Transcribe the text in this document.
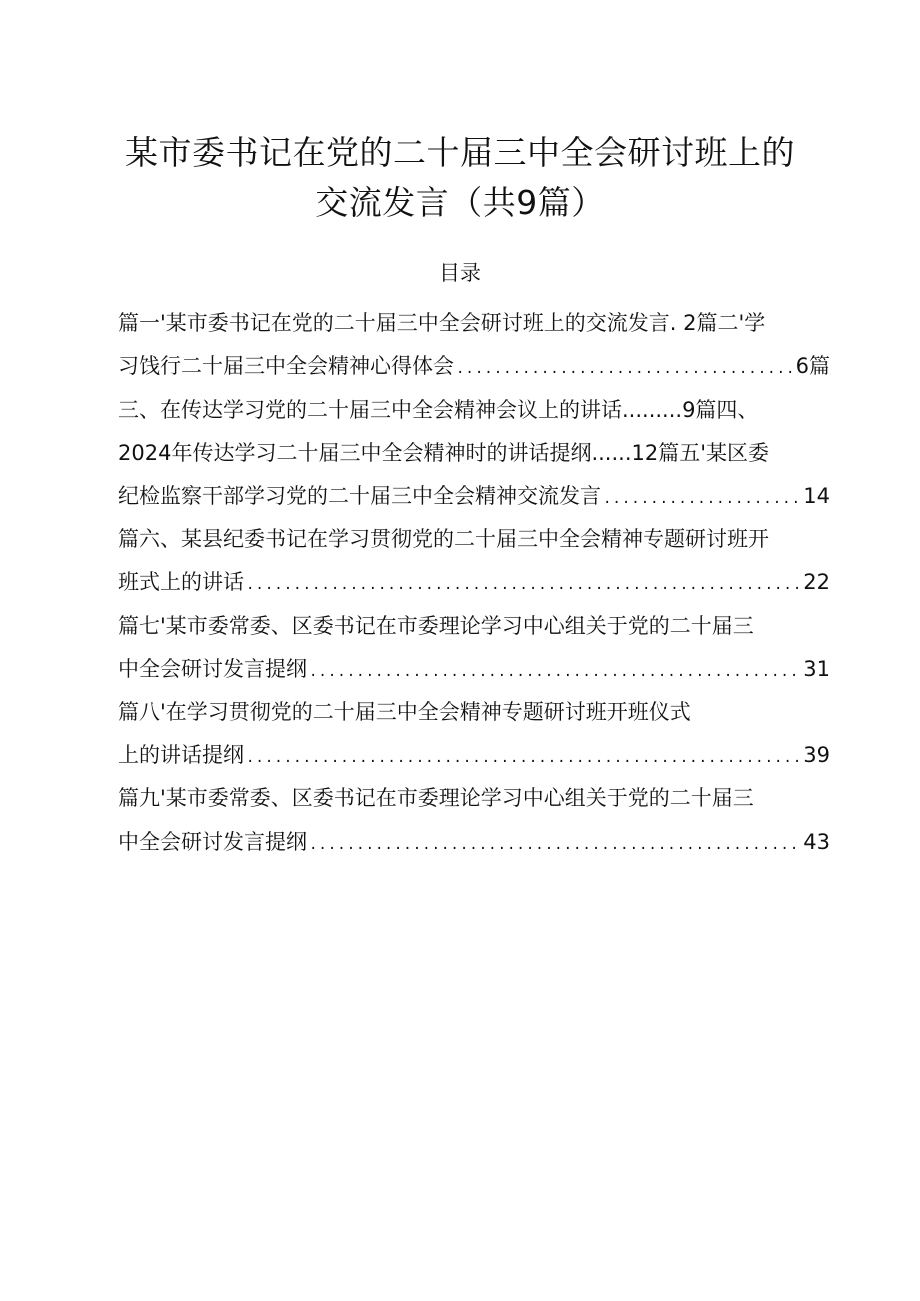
某市委书记在党的二十届三中全会研讨班上的
交流发言（共9篇）
目录
篇一'某市委书记在党的二十届三中全会研讨班上的交流发言. 2篇二'学
习饯行二十届三中全会精神心得体会 .....	6篇
三、在传达学习党的二十届三中全会精神会议上的讲话.........9篇四、
2024年传达学习二十届三中全会精神时的讲话提纲......12篇五'某区委
纪检监察干部学习党的二十届三中全会精神交流发言 .....	14
篇六、某县纪委书记在学习贯彻党的二十届三中全会精神专题研讨班开
班式上的讲话 .....	22
篇七'某市委常委、区委书记在市委理论学习中心组关于党的二十届三
中全会研讨发言提纲 .....	31
篇八'在学习贯彻党的二十届三中全会精神专题研讨班开班仪式
上的讲话提纲 .....	39
篇九'某市委常委、区委书记在市委理论学习中心组关于党的二十届三
中全会研讨发言提纲 .....	43
